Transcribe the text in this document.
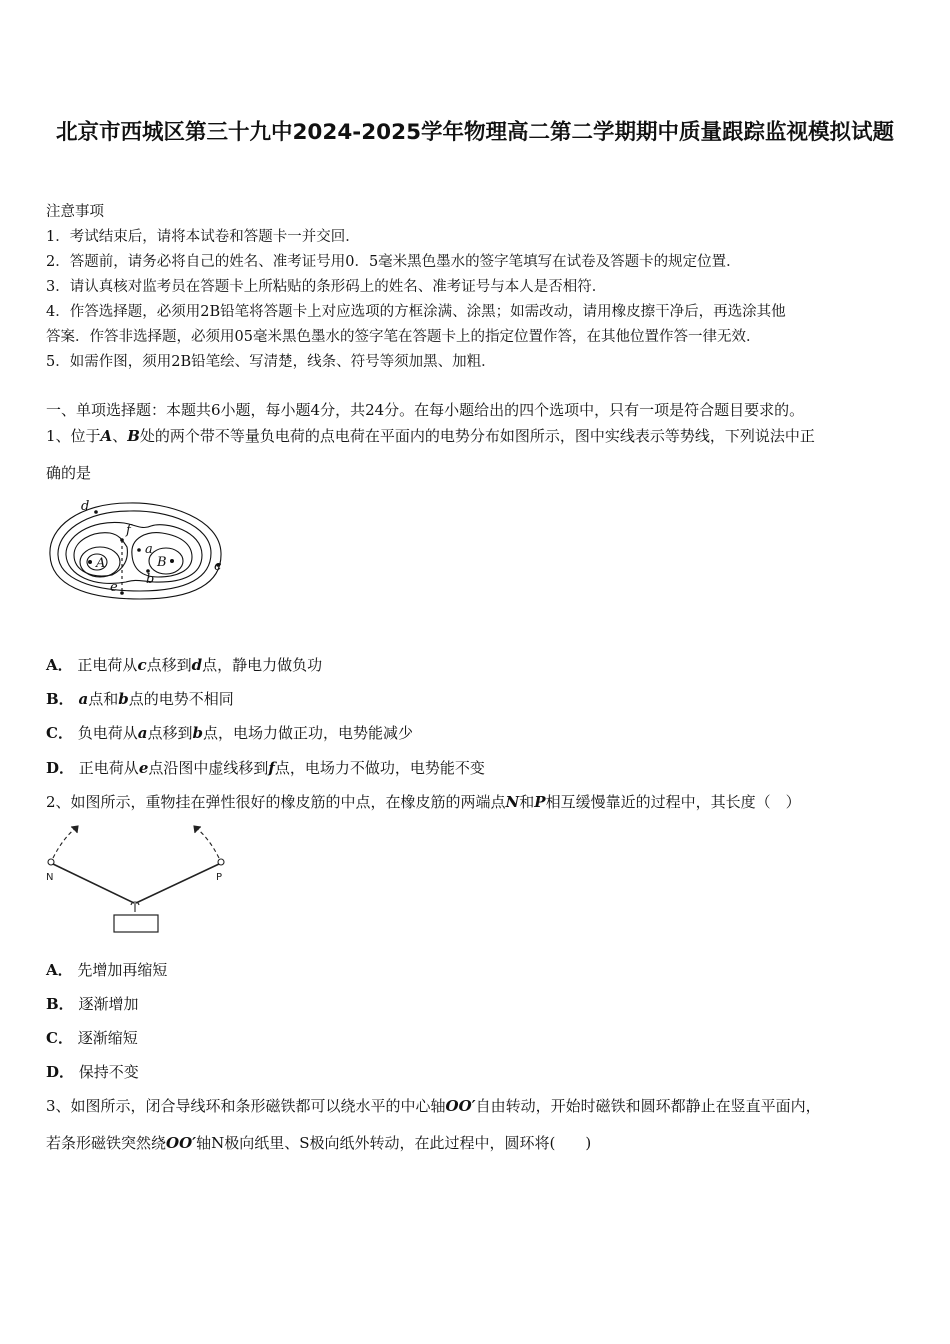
北京市西城区第三十九中2024-2025学年物理高二第二学期期中质量跟踪监视模拟试题
注意事项
1．考试结束后，请将本试卷和答题卡一并交回．
2．答题前，请务必将自己的姓名、准考证号用0．5毫米黑色墨水的签字笔填写在试卷及答题卡的规定位置．
3．请认真核对监考员在答题卡上所粘贴的条形码上的姓名、准考证号与本人是否相符．
4．作答选择题，必须用2B铅笔将答题卡上对应选项的方框涂满、涂黑；如需改动，请用橡皮擦干净后，再选涂其他
答案．作答非选择题，必须用05毫米黑色墨水的签字笔在答题卡上的指定位置作答，在其他位置作答一律无效．
5．如需作图，须用2B铅笔绘、写清楚，线条、符号等须加黑、加粗．
一、单项选择题：本题共6小题，每小题4分，共24分。在每小题给出的四个选项中，只有一项是符合题目要求的。
1、位于A、B处的两个带不等量负电荷的点电荷在平面内的电势分布如图所示，图中实线表示等势线，下列说法中正
确的是
d
f
a
A	B	c
b
e
A． 正电荷从c点移到d点，静电力做负功
B． a点和b点的电势不相同
C． 负电荷从a点移到b点，电场力做正功，电势能减少
D． 正电荷从e点沿图中虚线移到f点，电场力不做功，电势能不变
2、如图所示，重物挂在弹性很好的橡皮筋的中点，在橡皮筋的两端点N和P相互缓慢靠近的过程中，其长度（　）
N	P
A． 先增加再缩短
B． 逐渐增加
C． 逐渐缩短
D． 保持不变
3、如图所示，闭合导线环和条形磁铁都可以绕水平的中心轴OO′自由转动，开始时磁铁和圆环都静止在竖直平面内，
若条形磁铁突然绕OO′轴N极向纸里、S极向纸外转动，在此过程中，圆环将(　　)
